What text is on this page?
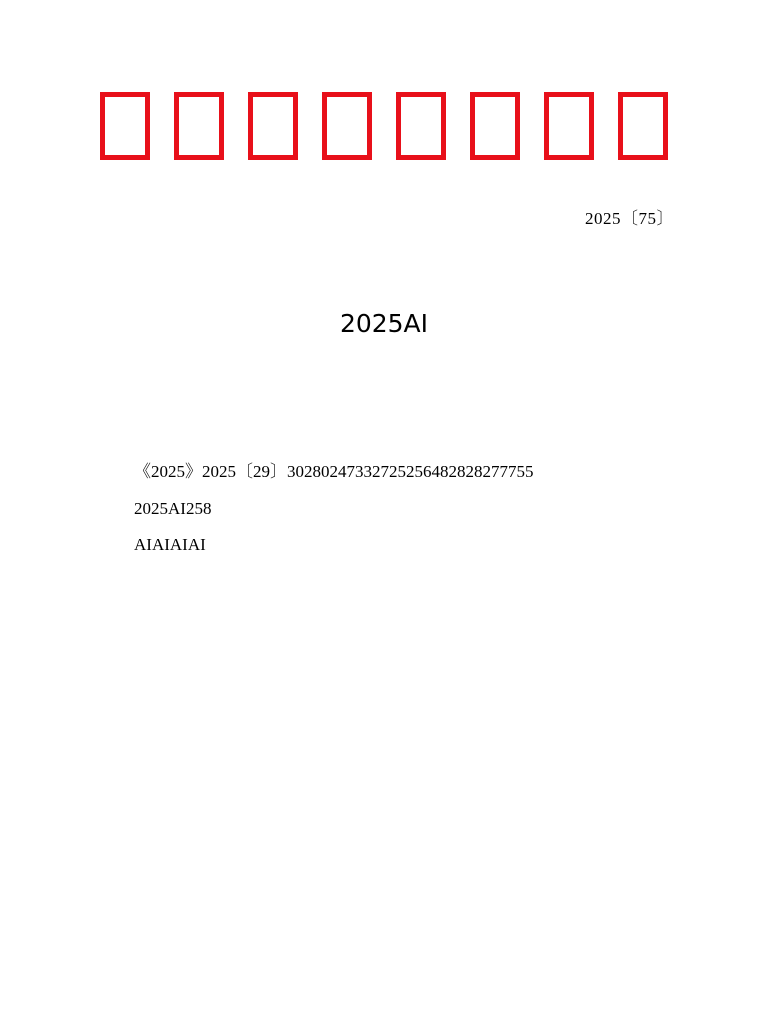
2025〔75〕
2025AI

《2025》2025〔29〕30280247332725256482828277755

2025AI258

AIAIAIAI
